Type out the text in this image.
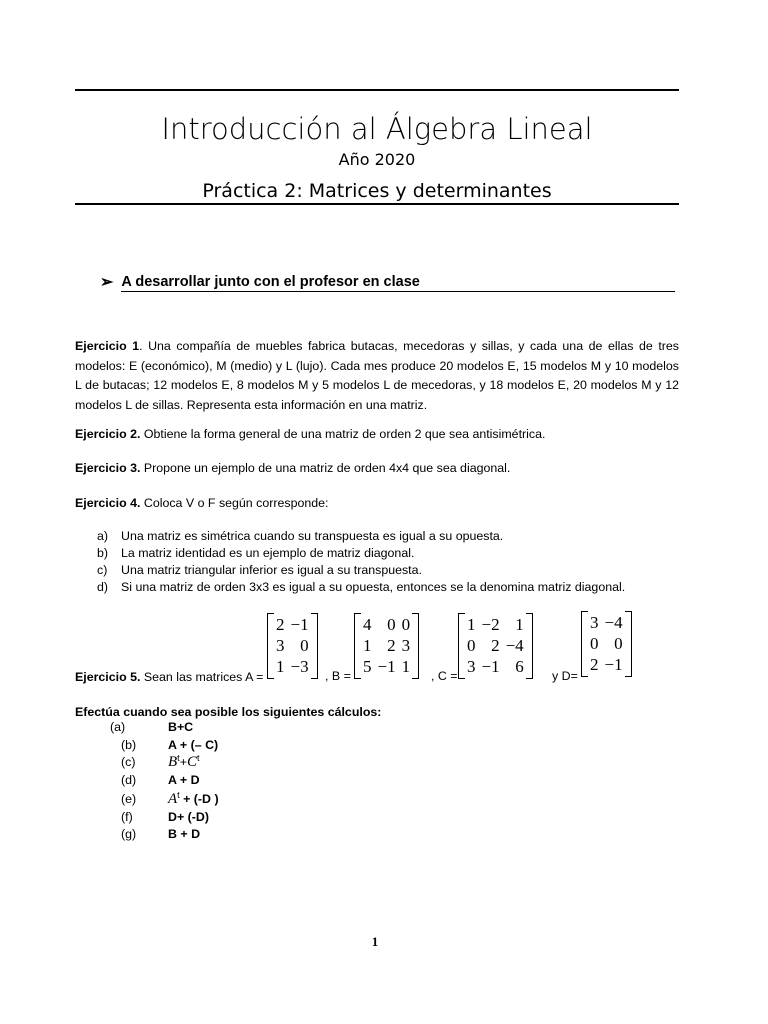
Introducción al Álgebra Lineal
Año 2020
Práctica 2: Matrices y determinantes
➢ A desarrollar junto con el profesor en clase
Ejercicio 1. Una compañía de muebles fabrica butacas, mecedoras y sillas, y cada una de ellas de tres modelos: E (económico), M (medio) y L (lujo). Cada mes produce 20 modelos E, 15 modelos M y 10 modelos L de butacas; 12 modelos E, 8 modelos M y 5 modelos L de mecedoras, y 18 modelos E, 20 modelos M y 12 modelos L de sillas. Representa esta información en una matriz.
Ejercicio 2. Obtiene la forma general de una matriz de orden 2 que sea antisimétrica.
Ejercicio 3. Propone un ejemplo de una matriz de orden 4x4 que sea diagonal.
Ejercicio 4. Coloca V o F según corresponde:
a) Una matriz es simétrica cuando su transpuesta es igual a su opuesta.
b) La matriz identidad es un ejemplo de matriz diagonal.
c) Una matriz triangular inferior es igual a su transpuesta.
d) Si una matriz de orden 3x3 es igual a su opuesta, entonces se la denomina matriz diagonal.
Ejercicio 5. Sean las matrices A =
2	−1
3	0
1	−3 , B =
4	0	0
1	2	3
5	−1	1 , C =
1	−2	1
0	2	−4
3	−1	6 y D=
3	−4
0	0
2	−1
Efectúa cuando sea posible los siguientes cálculos:
(a)	B+C
(b)	A + (– C)
(c) $B^t+C^t$
(d)	A + D
(e) $A^t + (-D$ )
(f)	D+ (-D)
(g)	B + D
1
